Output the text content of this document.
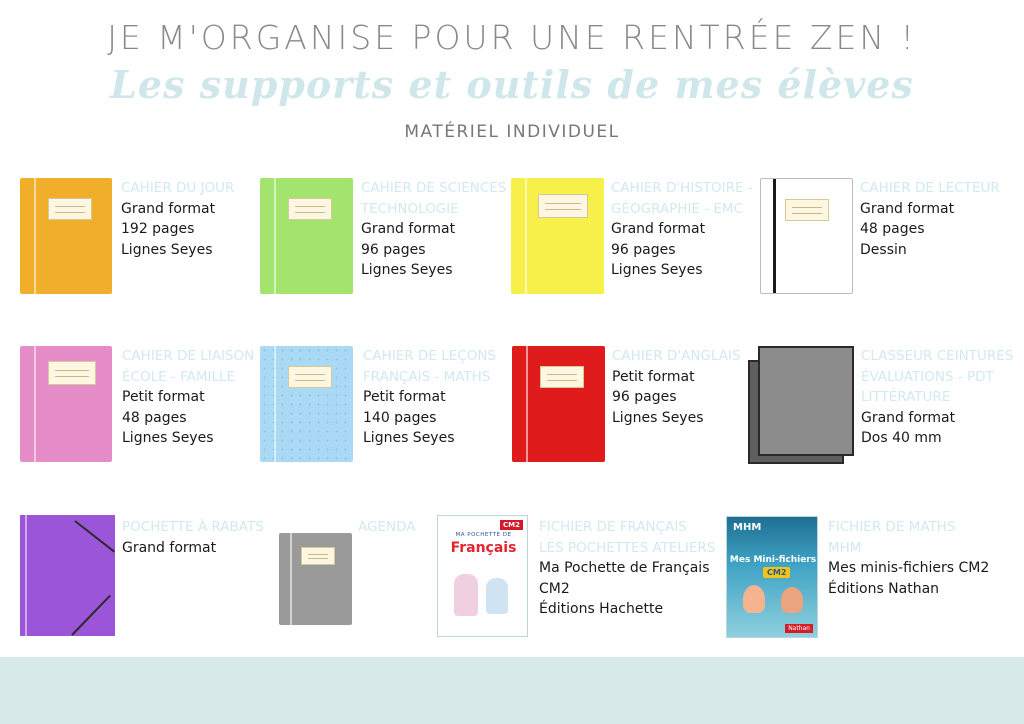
JE M'ORGANISE POUR UNE RENTRÉE ZEN !
Les supports et outils de mes élèves
MATÉRIEL INDIVIDUEL
CAHIER DU JOUR
Grand format
192 pages
Lignes Seyes
CAHIER DE SCIENCES
TECHNOLOGIE
Grand format
96 pages
Lignes Seyes
CAHIER D'HISTOIRE -
GÉOGRAPHIE - EMC
Grand format
96 pages
Lignes Seyes
CAHIER DE LECTEUR
Grand format
48 pages
Dessin
CAHIER DE LIAISON
ÉCOLE - FAMILLE
Petit format
48 pages
Lignes Seyes
CAHIER DE LEÇONS
FRANÇAIS - MATHS
Petit format
140 pages
Lignes Seyes
CAHIER D'ANGLAIS
Petit format
96 pages
Lignes Seyes
CLASSEUR CEINTURES
ÉVALUATIONS - PDT
LITTÉRATURE
Grand format
Dos 40 mm
POCHETTE À RABATS
Grand format
AGENDA	CM2
MA POCHETTE DE
Français
FICHIER DE FRANÇAIS
LES POCHETTES ATELIERS
Ma Pochette de Français
CM2
Éditions Hachette
MHM
Mes Mini-fichiers
CM2
Nathan
FICHIER DE MATHS
MHM
Mes minis-fichiers CM2
Éditions Nathan
